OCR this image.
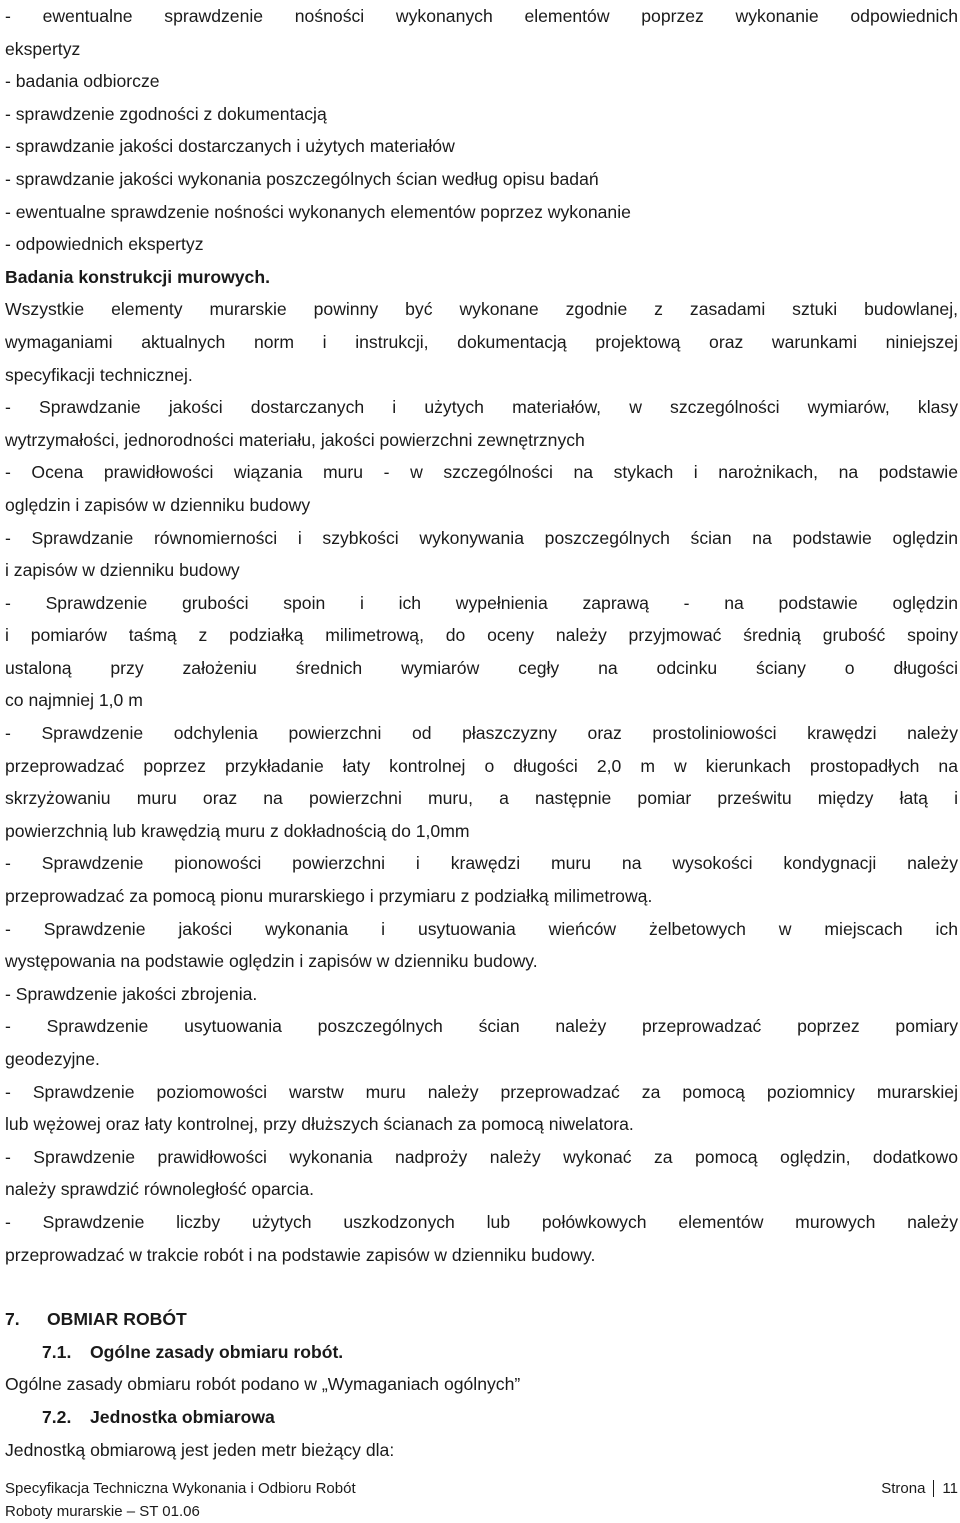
- ewentualne sprawdzenie nośności wykonanych elementów poprzez wykonanie odpowiednich

ekspertyz

- badania odbiorcze

- sprawdzenie zgodności z dokumentacją

- sprawdzanie jakości dostarczanych i użytych materiałów

- sprawdzanie jakości wykonania poszczególnych ścian według opisu badań

- ewentualne sprawdzenie nośności wykonanych elementów poprzez wykonanie

- odpowiednich ekspertyz

Badania konstrukcji murowych.

Wszystkie elementy murarskie powinny być wykonane zgodnie z zasadami sztuki budowlanej,

wymaganiami aktualnych norm i instrukcji, dokumentacją projektową oraz warunkami niniejszej

specyfikacji technicznej.

- Sprawdzanie jakości dostarczanych i użytych materiałów, w szczególności wymiarów, klasy

wytrzymałości, jednorodności materiału, jakości powierzchni zewnętrznych

- Ocena prawidłowości wiązania muru - w szczególności na stykach i narożnikach, na podstawie

oględzin i zapisów w dzienniku budowy

- Sprawdzanie równomierności i szybkości wykonywania poszczególnych ścian na podstawie oględzin

i zapisów w dzienniku budowy

- Sprawdzenie grubości spoin i ich wypełnienia zaprawą - na podstawie oględzin

i pomiarów taśmą z podziałką milimetrową, do oceny należy przyjmować średnią grubość spoiny

ustaloną przy założeniu średnich wymiarów cegły na odcinku ściany o długości

co najmniej 1,0 m

- Sprawdzenie odchylenia powierzchni od płaszczyzny oraz prostoliniowości krawędzi należy

przeprowadzać poprzez przykładanie łaty kontrolnej o długości 2,0 m w kierunkach prostopadłych na

skrzyżowaniu muru oraz na powierzchni muru, a następnie pomiar prześwitu między łatą i

powierzchnią lub krawędzią muru z dokładnością do 1,0mm

- Sprawdzenie pionowości powierzchni i krawędzi muru na wysokości kondygnacji należy

przeprowadzać za pomocą pionu murarskiego i przymiaru z podziałką milimetrową.

- Sprawdzenie jakości wykonania i usytuowania wieńców żelbetowych w miejscach ich

występowania na podstawie oględzin i zapisów w dzienniku budowy.

- Sprawdzenie jakości zbrojenia.

- Sprawdzenie usytuowania poszczególnych ścian należy przeprowadzać poprzez pomiary

geodezyjne.

- Sprawdzenie poziomowości warstw muru należy przeprowadzać za pomocą poziomnicy murarskiej

lub wężowej oraz łaty kontrolnej, przy dłuższych ścianach za pomocą niwelatora.

- Sprawdzenie prawidłowości wykonania nadproży należy wykonać za pomocą oględzin, dodatkowo

należy sprawdzić równoległość oparcia.

- Sprawdzenie liczby użytych uszkodzonych lub połówkowych elementów murowych należy

przeprowadzać w trakcie robót i na podstawie zapisów w dzienniku budowy.

7.	OBMIAR ROBÓT
7.1.	Ogólne zasady obmiaru robót.

Ogólne zasady obmiaru robót podano w „Wymaganiach ogólnych”

7.2.	Jednostka obmiarowa

Jednostką obmiarową jest jeden metr bieżący dla:

Specyfikacja Techniczna Wykonania i Odbioru Robót	Strona 11
Roboty murarskie – ST 01.06
